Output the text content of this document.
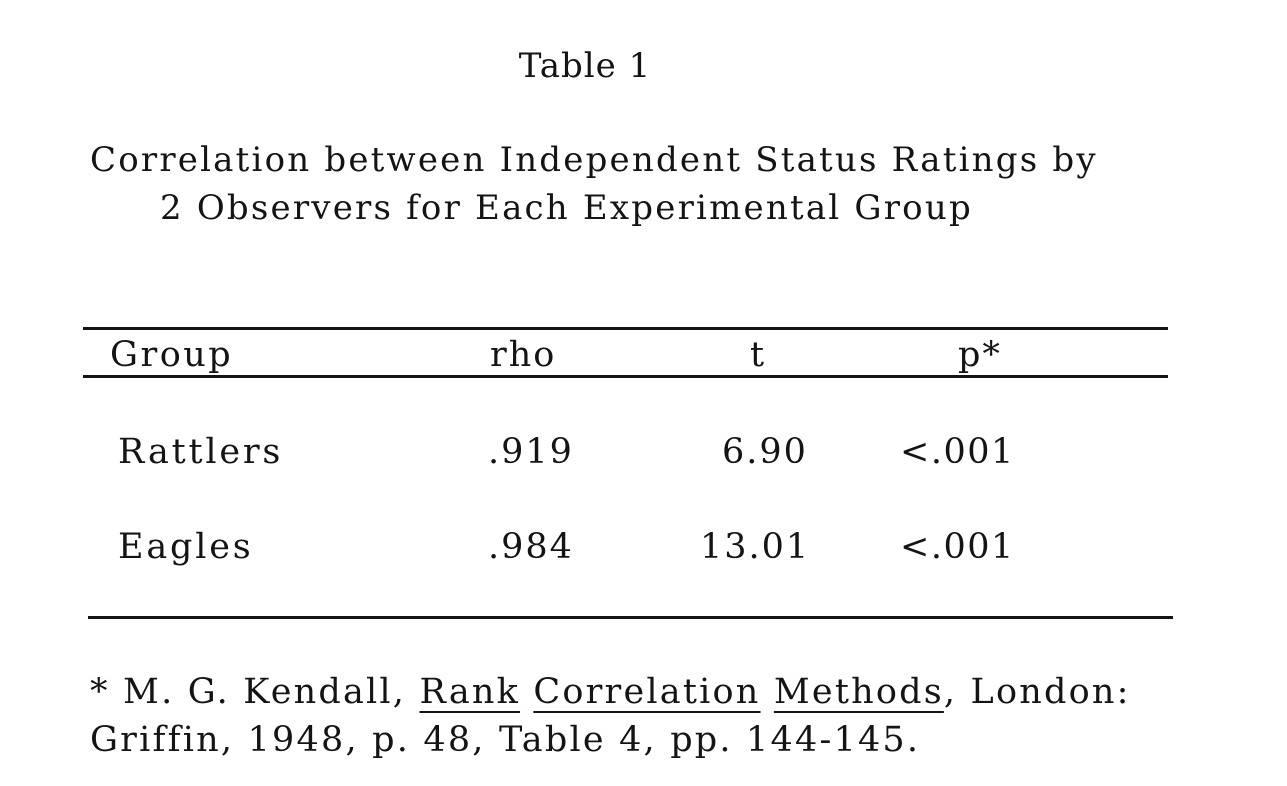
Table 1
Correlation between Independent Status Ratings by
2 Observers for Each Experimental Group
Group	rho	t	p*
Rattlers	.919	6.90	<.001
Eagles	.984	13.01	<.001
* M. G. Kendall, Rank Correlation Methods, London:
Griffin, 1948, p. 48, Table 4, pp. 144-145.
